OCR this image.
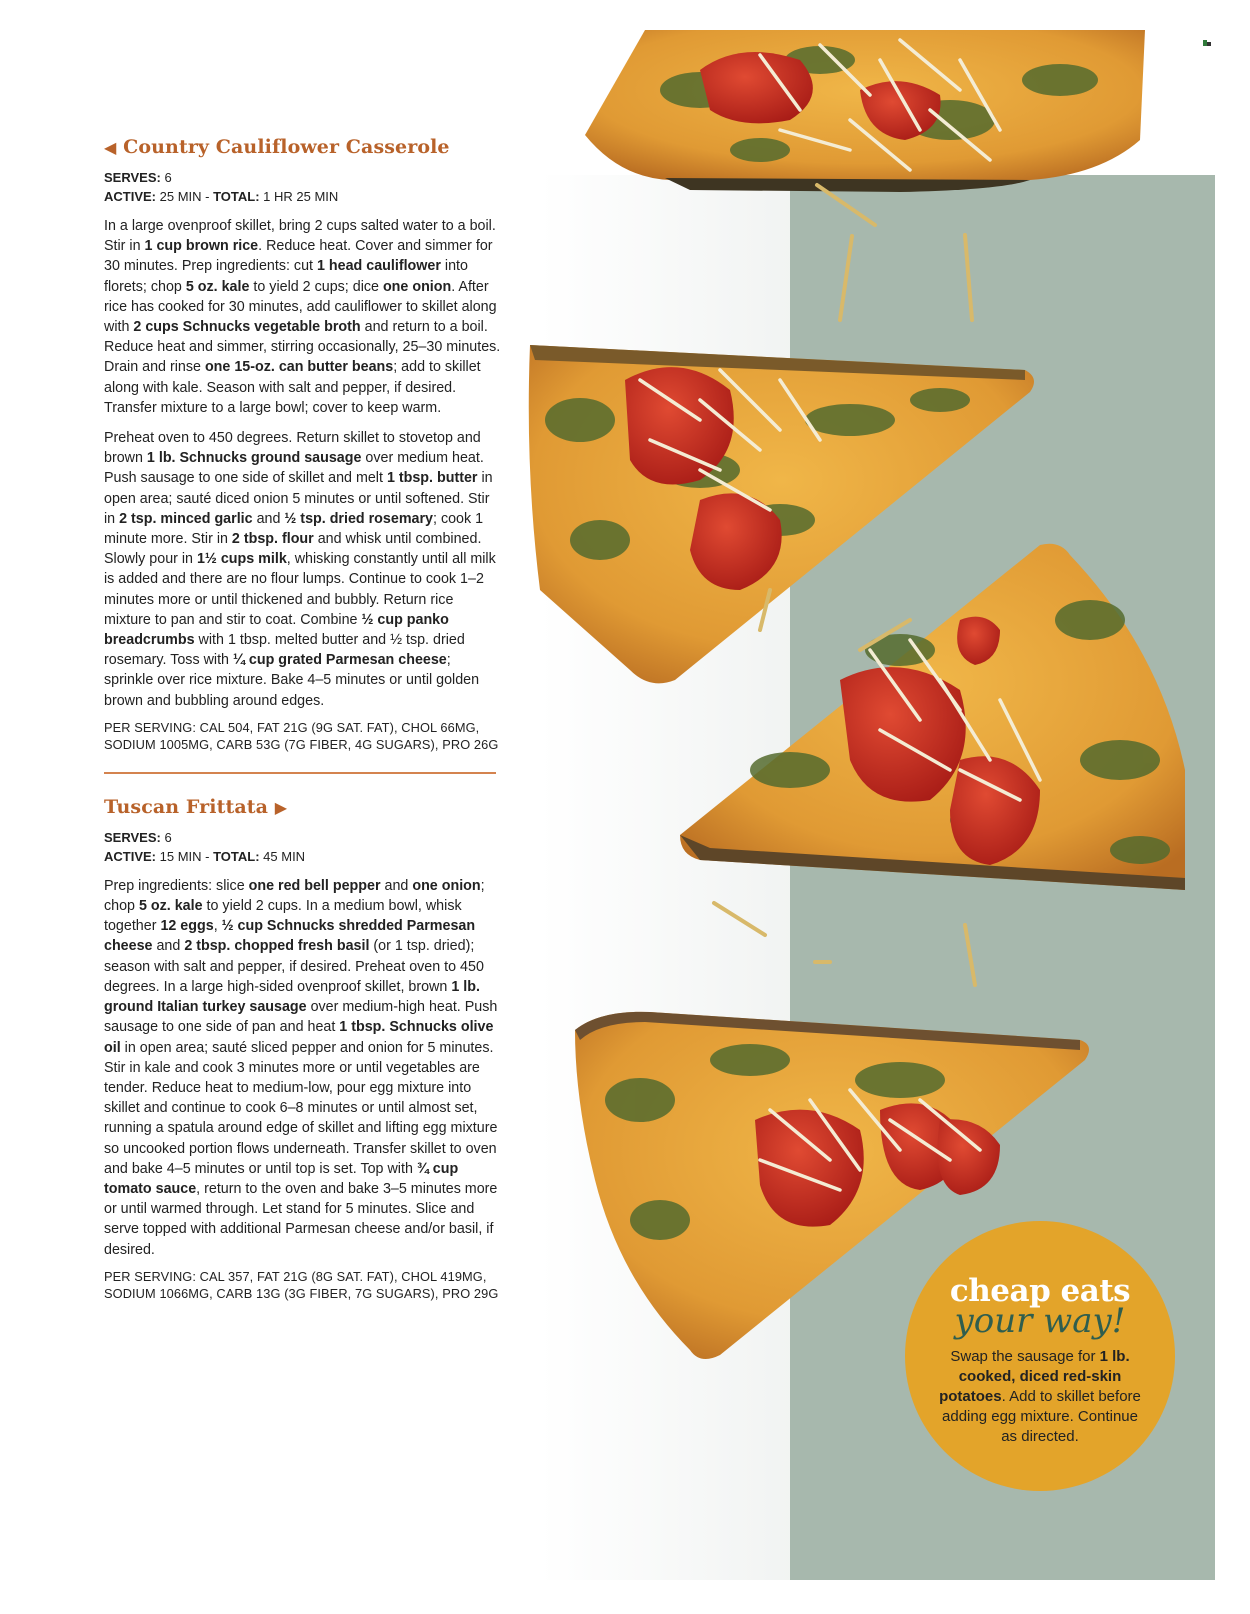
◀ Country Cauliflower Casserole
SERVES: 6
ACTIVE: 25 MIN - TOTAL: 1 HR 25 MIN
In a large ovenproof skillet, bring 2 cups salted water to a boil. Stir in 1 cup brown rice. Reduce heat. Cover and simmer for 30 minutes. Prep ingredients: cut 1 head cauliflower into florets; chop 5 oz. kale to yield 2 cups; dice one onion. After rice has cooked for 30 minutes, add cauliflower to skillet along with 2 cups Schnucks vegetable broth and return to a boil. Reduce heat and simmer, stirring occasionally, 25–30 minutes. Drain and rinse one 15-oz. can butter beans; add to skillet along with kale. Season with salt and pepper, if desired. Transfer mixture to a large bowl; cover to keep warm.
Preheat oven to 450 degrees. Return skillet to stovetop and brown 1 lb. Schnucks ground sausage over medium heat. Push sausage to one side of skillet and melt 1 tbsp. butter in open area; sauté diced onion 5 minutes or until softened. Stir in 2 tsp. minced garlic and ½ tsp. dried rosemary; cook 1 minute more. Stir in 2 tbsp. flour and whisk until combined. Slowly pour in 1½ cups milk, whisking constantly until all milk is added and there are no flour lumps. Continue to cook 1–2 minutes more or until thickened and bubbly. Return rice mixture to pan and stir to coat. Combine ½ cup panko breadcrumbs with 1 tbsp. melted butter and ½ tsp. dried rosemary. Toss with ¼ cup grated Parmesan cheese; sprinkle over rice mixture. Bake 4–5 minutes or until golden brown and bubbling around edges.
PER SERVING: CAL 504, FAT 21G (9G SAT. FAT), CHOL 66MG, SODIUM 1005MG, CARB 53G (7G FIBER, 4G SUGARS), PRO 26G
Tuscan Frittata ▶
SERVES: 6
ACTIVE: 15 MIN - TOTAL: 45 MIN
Prep ingredients: slice one red bell pepper and one onion; chop 5 oz. kale to yield 2 cups. In a medium bowl, whisk together 12 eggs, ½ cup Schnucks shredded Parmesan cheese and 2 tbsp. chopped fresh basil (or 1 tsp. dried); season with salt and pepper, if desired. Preheat oven to 450 degrees. In a large high-sided ovenproof skillet, brown 1 lb. ground Italian turkey sausage over medium-high heat. Push sausage to one side of pan and heat 1 tbsp. Schnucks olive oil in open area; sauté sliced pepper and onion for 5 minutes. Stir in kale and cook 3 minutes more or until vegetables are tender. Reduce heat to medium-low, pour egg mixture into skillet and continue to cook 6–8 minutes or until almost set, running a spatula around edge of skillet and lifting egg mixture so uncooked portion flows underneath. Transfer skillet to oven and bake 4–5 minutes or until top is set. Top with ¾ cup tomato sauce, return to the oven and bake 3–5 minutes more or until warmed through. Let stand for 5 minutes. Slice and serve topped with additional Parmesan cheese and/or basil, if desired.
PER SERVING: CAL 357, FAT 21G (8G SAT. FAT), CHOL 419MG, SODIUM 1066MG, CARB 13G (3G FIBER, 7G SUGARS), PRO 29G	cheap eats
your way!
Swap the sausage for 1 lb. cooked, diced red-skin potatoes. Add to skillet before adding egg mixture. Continue as directed.
